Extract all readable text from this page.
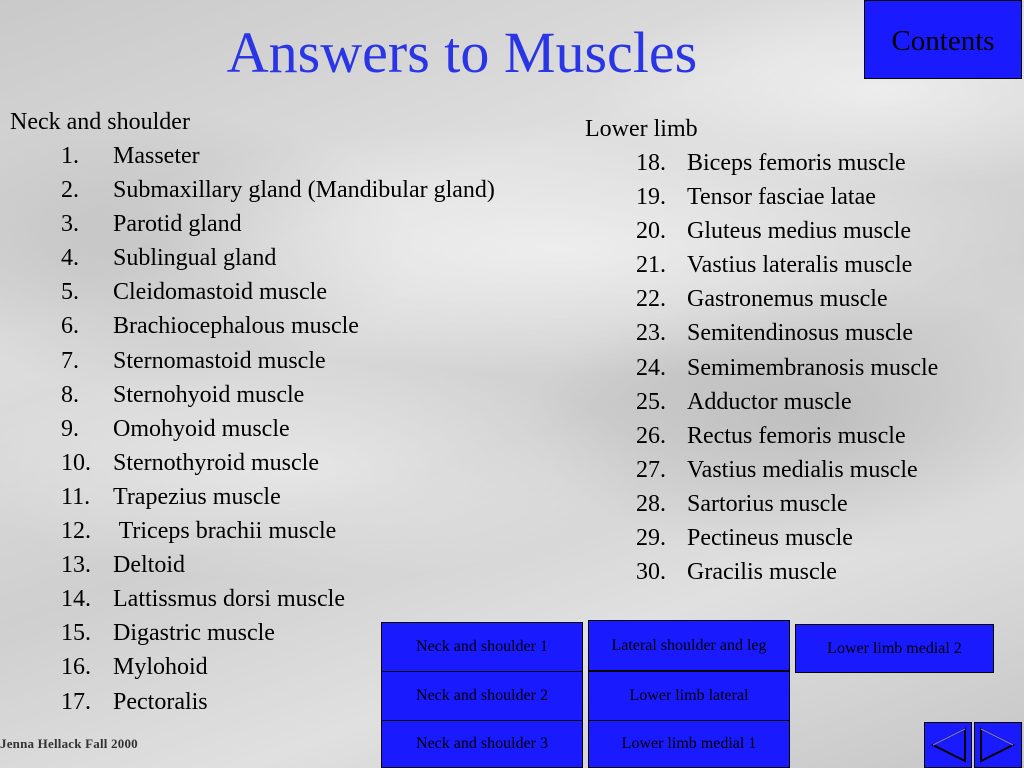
Answers to Muscles	Contents
Neck and shoulder
1. Masseter
2. Submaxillary gland (Mandibular gland)
3. Parotid gland
4. Sublingual gland
5. Cleidomastoid muscle
6. Brachiocephalous muscle
7. Sternomastoid muscle
8. Sternohyoid muscle
9. Omohyoid muscle
10. Sternothyroid muscle
11. Trapezius muscle
12. Triceps brachii muscle
13. Deltoid
14. Lattissmus dorsi muscle
15. Digastric muscle
16. Mylohoid
17. Pectoralis
Lower limb
18. Biceps femoris muscle
19. Tensor fasciae latae
20. Gluteus medius muscle
21. Vastius lateralis muscle
22. Gastronemus muscle
23. Semitendinosus muscle
24. Semimembranosis muscle
25. Adductor muscle
26. Rectus femoris muscle
27. Vastius medialis muscle
28. Sartorius muscle
29. Pectineus muscle
30. Gracilis muscle
Neck and shoulder 1
Neck and shoulder 2
Neck and shoulder 3
Lateral shoulder and leg
Lower limb lateral
Lower limb medial 1
Lower limb medial 2
Jenna Hellack Fall 2000
